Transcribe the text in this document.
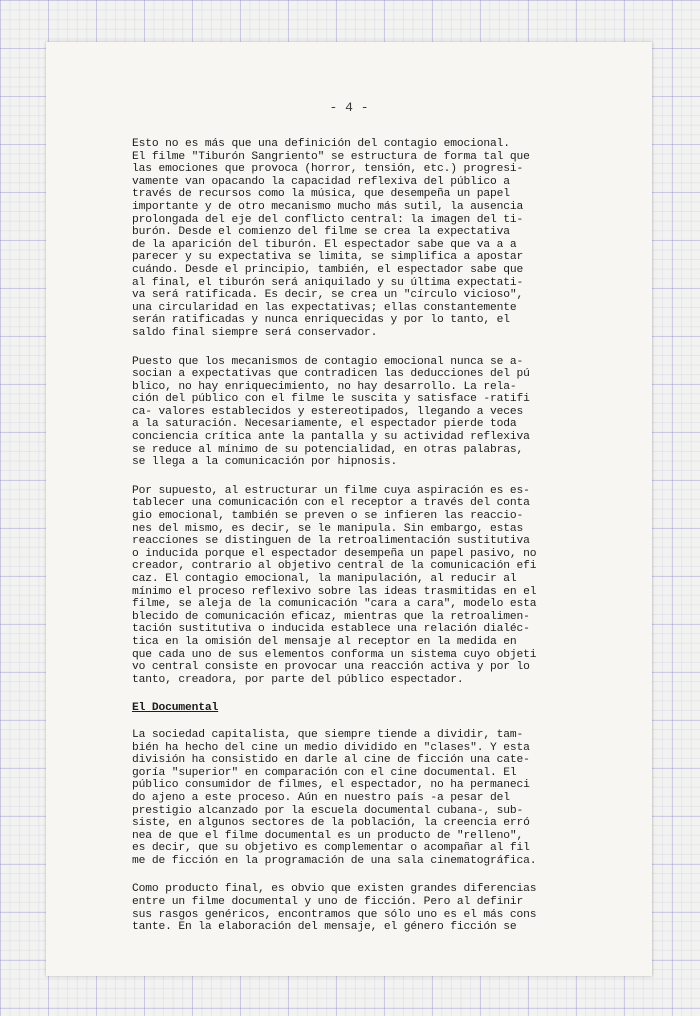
- 4 -

Esto no es más que una definición del contagio emocional.
El filme "Tiburón Sangriento" se estructura de forma tal que
las emociones que provoca (horror, tensión, etc.) progresi-
vamente van opacando la capacidad reflexiva del público a
través de recursos como la música, que desempeña un papel
importante y de otro mecanismo mucho más sutil, la ausencia
prolongada del eje del conflicto central: la imagen del ti-
burón. Desde el comienzo del filme se crea la expectativa
de la aparición del tiburón. El espectador sabe que va a a
parecer y su expectativa se limita, se simplifica a apostar
cuándo. Desde el principio, también, el espectador sabe que
al final, el tiburón será aniquilado y su última expectati-
va será ratificada. Es decir, se crea un "círculo vicioso",
una circularidad en las expectativas; ellas constantemente
serán ratificadas y nunca enriquecidas y por lo tanto, el
saldo final siempre será conservador.

Puesto que los mecanismos de contagio emocional nunca se a-
socian a expectativas que contradicen las deducciones del pú
blico, no hay enriquecimiento, no hay desarrollo. La rela-
ción del público con el filme le suscita y satisface -ratifi
ca- valores establecidos y estereotipados, llegando a veces
a la saturación. Necesariamente, el espectador pierde toda
conciencia crítica ante la pantalla y su actividad reflexiva
se reduce al mínimo de su potencialidad, en otras palabras,
se llega a la comunicación por hipnosis.

Por supuesto, al estructurar un filme cuya aspiración es es-
tablecer una comunicación con el receptor a través del conta
gio emocional, también se preven o se infieren las reaccio-
nes del mismo, es decir, se le manipula. Sin embargo, estas
reacciones se distinguen de la retroalimentación sustitutiva
o inducida porque el espectador desempeña un papel pasivo, no
creador, contrario al objetivo central de la comunicación efi
caz. El contagio emocional, la manipulación, al reducir al
mínimo el proceso reflexivo sobre las ideas trasmitidas en el
filme, se aleja de la comunicación "cara a cara", modelo esta
blecido de comunicación eficaz, mientras que la retroalimen-
tación sustitutiva o inducida establece una relación dialéc-
tica en la omisión del mensaje al receptor en la medida en
que cada uno de sus elementos conforma un sistema cuyo objeti
vo central consiste en provocar una reacción activa y por lo
tanto, creadora, por parte del público espectador.

El Documental

La sociedad capitalista, que siempre tiende a dividir, tam-
bién ha hecho del cine un medio dividido en "clases". Y esta
división ha consistido en darle al cine de ficción una cate-
goría "superior" en comparación con el cine documental. El
público consumidor de filmes, el espectador, no ha permaneci
do ajeno a este proceso. Aún en nuestro país -a pesar del
prestigio alcanzado por la escuela documental cubana-, sub-
siste, en algunos sectores de la población, la creencia erró
nea de que el filme documental es un producto de "relleno",
es decir, que su objetivo es complementar o acompañar al fil
me de ficción en la programación de una sala cinematográfica.

Como producto final, es obvio que existen grandes diferencias
entre un filme documental y uno de ficción. Pero al definir
sus rasgos genéricos, encontramos que sólo uno es el más cons
tante. En la elaboración del mensaje, el género ficción se
